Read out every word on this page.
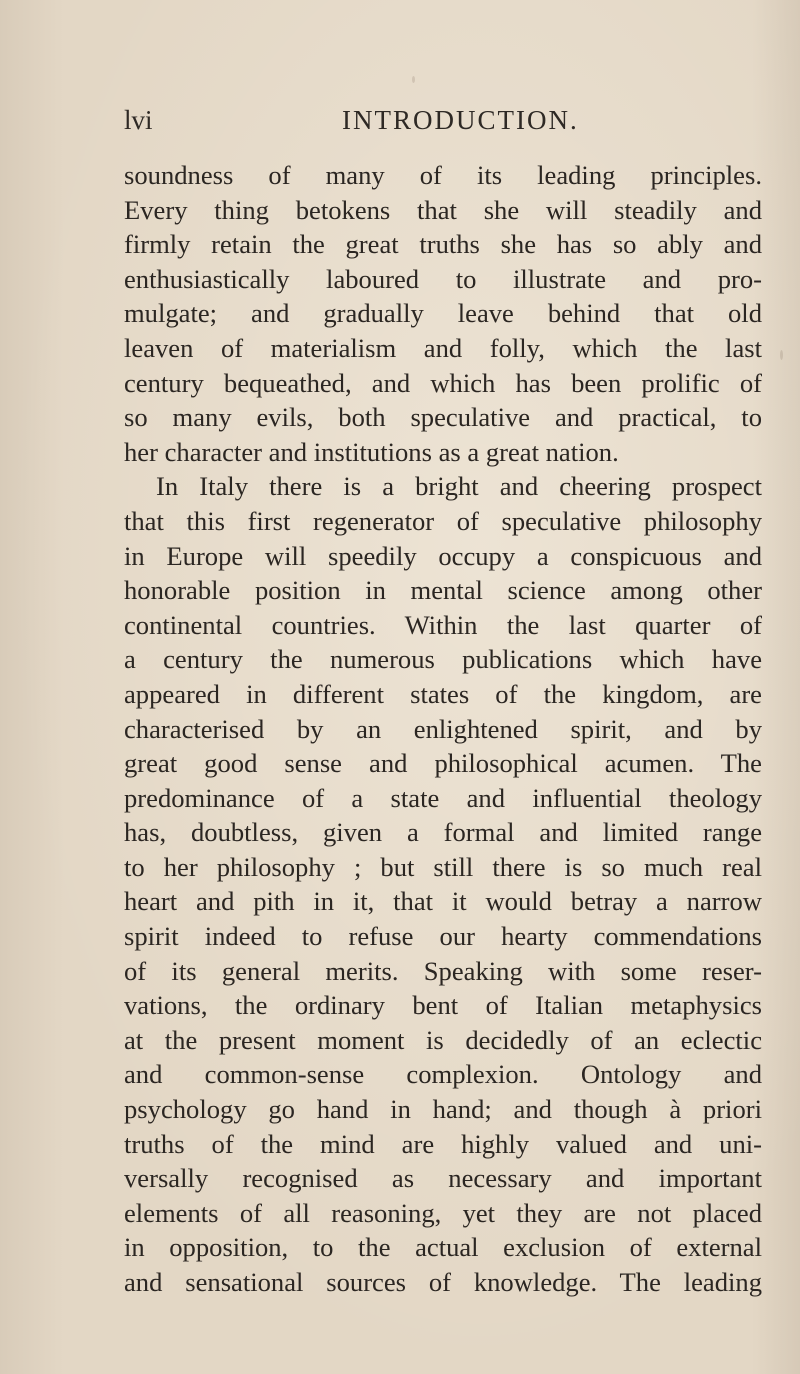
lvi	INTRODUCTION.
soundness of many of its leading principles.
Every thing betokens that she will steadily and
firmly retain the great truths she has so ably and
enthusiastically laboured to illustrate and pro-
mulgate; and gradually leave behind that old
leaven of materialism and folly, which the last
century bequeathed, and which has been prolific of
so many evils, both speculative and practical, to
her character and institutions as a great nation.
In Italy there is a bright and cheering prospect
that this first regenerator of speculative philosophy
in Europe will speedily occupy a conspicuous and
honorable position in mental science among other
continental countries. Within the last quarter of
a century the numerous publications which have
appeared in different states of the kingdom, are
characterised by an enlightened spirit, and by
great good sense and philosophical acumen. The
predominance of a state and influential theology
has, doubtless, given a formal and limited range
to her philosophy ; but still there is so much real
heart and pith in it, that it would betray a narrow
spirit indeed to refuse our hearty commendations
of its general merits. Speaking with some reser-
vations, the ordinary bent of Italian metaphysics
at the present moment is decidedly of an eclectic
and common-sense complexion. Ontology and
psychology go hand in hand; and though à priori
truths of the mind are highly valued and uni-
versally recognised as necessary and important
elements of all reasoning, yet they are not placed
in opposition, to the actual exclusion of external
and sensational sources of knowledge. The leading
